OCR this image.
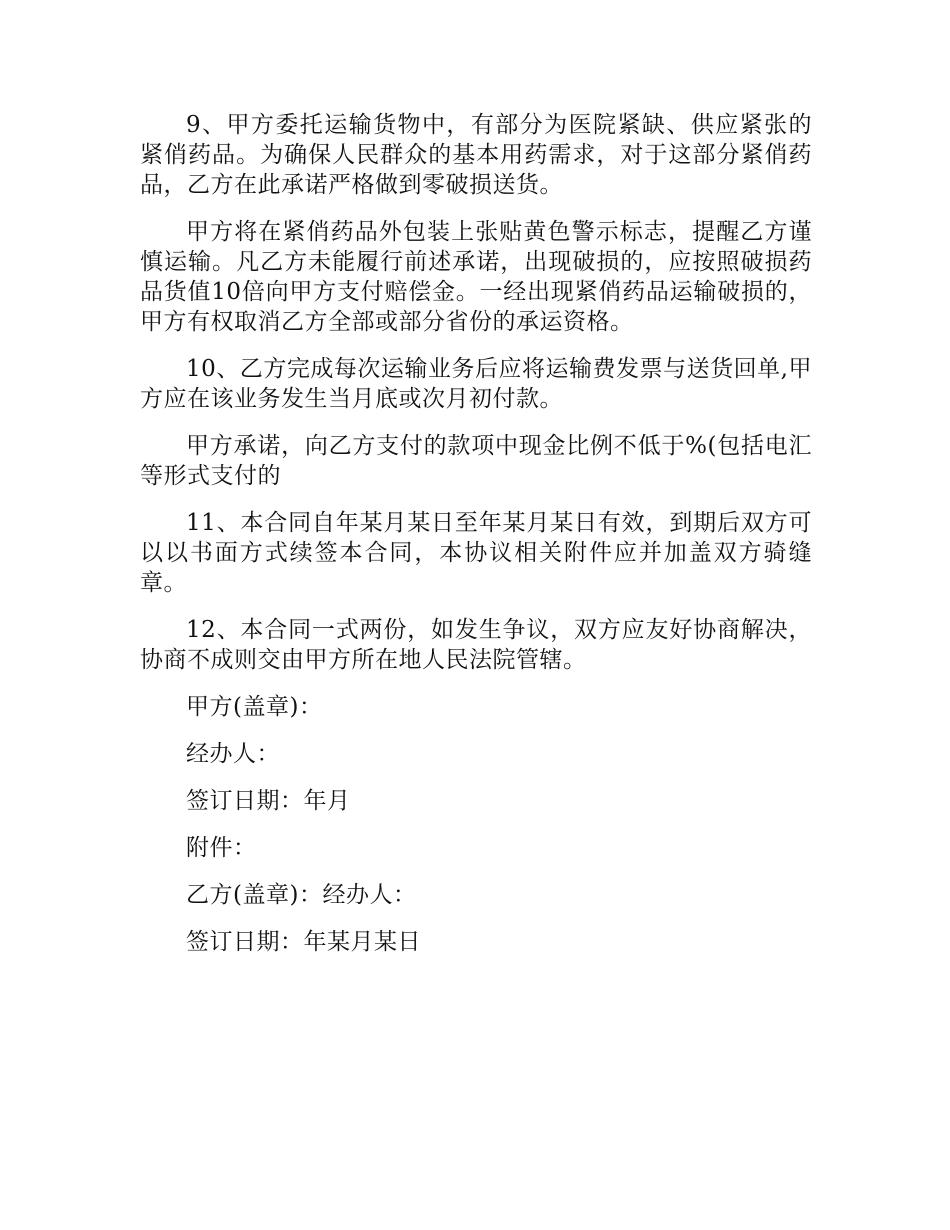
9、甲方委托运输货物中，有部分为医院紧缺、供应紧张的紧俏药品。为确保人民群众的基本用药需求，对于这部分紧俏药品，乙方在此承诺严格做到零破损送货。

甲方将在紧俏药品外包装上张贴黄色警示标志，提醒乙方谨慎运输。凡乙方未能履行前述承诺，出现破损的，应按照破损药品货值10倍向甲方支付赔偿金。一经出现紧俏药品运输破损的，甲方有权取消乙方全部或部分省份的承运资格。

10、乙方完成每次运输业务后应将运输费发票与送货回单,甲方应在该业务发生当月底或次月初付款。

甲方承诺，向乙方支付的款项中现金比例不低于%(包括电汇等形式支付的

11、本合同自年某月某日至年某月某日有效，到期后双方可以以书面方式续签本合同，本协议相关附件应并加盖双方骑缝章。

12、本合同一式两份，如发生争议，双方应友好协商解决，协商不成则交由甲方所在地人民法院管辖。

甲方(盖章)：

经办人：

签订日期：年月

附件：

乙方(盖章)：经办人：

签订日期：年某月某日
